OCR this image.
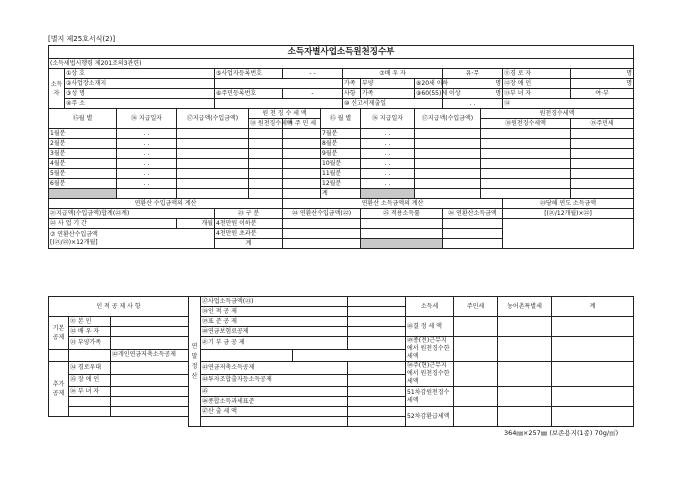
[별지 제25호서식(2)]
소득자별사업소득원천징수부														
(소득세법시행령 제201조의3관련)														
소득자	①상 호			⑤사업자등록번호		- -		⑦배 우 자			유·무		⑪경 로 자	명
	②사업장소재지							가족	부양	⑧20세 이하	명		⑫장 애 인	명
	③성 명			⑥주민등록번호		-		사항	가족	⑨60(55)세 이상	명		⑬부 녀 자	여·부
	④주 소							⑩ 신고서제출일			. .		⑭	
⑮월 별		⑯ 지급일자	⑰지급액(수입금액)		원 천 징 수 세 액		⑮ 월 별		⑯ 지급일자	⑰지급액(수입금액)		원천징수세액		
					⑱ 원천징수세액	⑲ 주 민 세						⑱원천징수세액		⑲주민세
1월분		. .					7월분		. .					
2월분		. .					8월분		. .					
3월분		. .					9월분		. .					
4월분		. .					10월분		. .					
5월분		. .					11월분		. .					
6월분		. .					12월분		. .					
							계							
연환산 수입금액의 계산						연환산 소득금액의 계산							㉓당해 연도 소득금액	
㉑지급액(수입금액)합계(㉒계)				㉓ 구 분		㉔ 연환산수입금액(㉒)			㉕ 적용소득률		㉖ 연환산소득금액		[(㉑/12개월)×㉒]	
㉒ 사 업 기 간			개월	4천만원 이하분										
⑦ 연환산수입금액
[(㉑/㉒)×12개월]				4천만원 초과분										
				계										
인 적 공 제 사 항			연말정산	㊲사업소득금액(㉓)		소득세	주민세	농어촌특별세	계	
				㊳인 적 공 제						
기본공제	㉛ 본 인			㊴표 준 공 제		㊽결 정 세 액				
	㉜ 배 우 자			㊵연금보험료공제						
	㉝ 부양가족			㊶기 부 금 공 제		㊾종(전)근무지에서 원천징수한 세액				
		㊷개인연금저축소득공제								
추가공제	㉞ 경로우대			㊸연금저축소득공제		㊿주(현)근무지에서 원천징수한 세액				
	㉟ 장 애 인			㊹투자조합출자등소득공제						
	㊱ 부 녀 자			㊺		51차감원천징수세액				
				㊻종합소득과세표준						
				㊼산 출 세 액		52차감환급세액				

364㎜×257㎜ (보존용지(1종) 70g/㎡)
